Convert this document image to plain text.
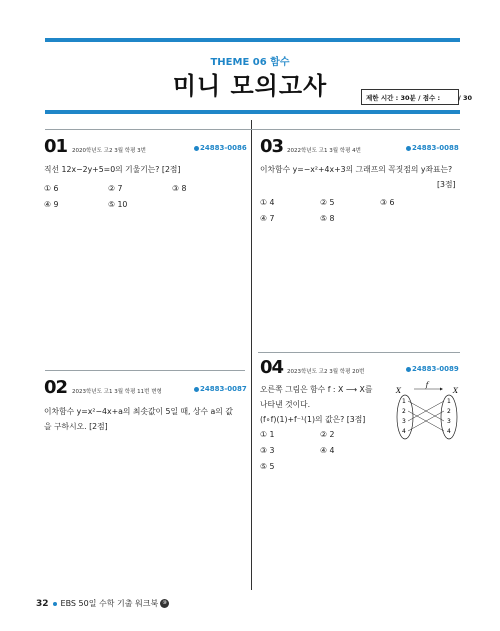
THEME 06 함수
미니 모의고사	제한 시간 : 30분 / 점수 :	/ 30
01 2020학년도 고2 3월 학평 3번	24883-0086
직선 12x−2y+5=0의 기울기는? [2점]
① 6	② 7	③ 8
④ 9	⑤ 10
02 2023학년도 고1 3월 학평 11번 변형	24883-0087
이차함수 y=x²−4x+a의 최솟값이 5일 때, 상수 a의 값
을 구하시오. [2점]
03 2022학년도 고1 3월 학평 4번	24883-0088
이차함수 y=−x²+4x+3의 그래프의 꼭짓점의 y좌표는?
[3점]
① 4	② 5	③ 6
④ 7	⑤ 8
04 2023학년도 고2 3월 학평 20번	24883-0089
오른쪽 그림은 함수 f : X ⟶ X를
나타낸 것이다.
(f∘f)(1)+f⁻¹(1)의 값은? [3점]
① 1	② 2
③ 3	④ 4
⑤ 5
f
X	X
1
2
3
4
1
2
3
4
32 EBS 50일 수학 기출 워크북 ⑩
